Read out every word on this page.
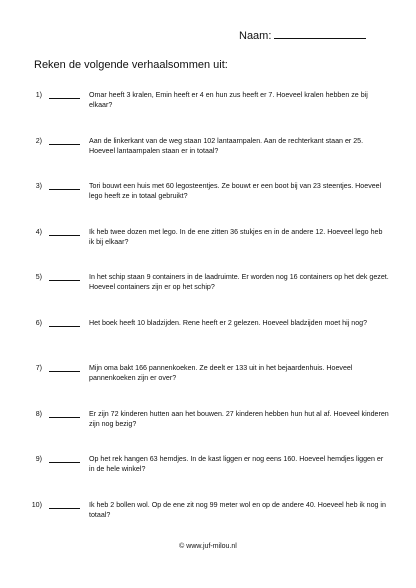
Naam:
Reken de volgende verhaalsommen uit:
1)	Omar heeft 3 kralen, Emin heeft er 4 en hun zus heeft er 7. Hoeveel kralen hebben ze bij elkaar?
2)	Aan de linkerkant van de weg staan 102 lantaarnpalen. Aan de rechterkant staan er 25. Hoeveel lantaarnpalen staan er in totaal?
3)	Tori bouwt een huis met 60 legosteentjes. Ze bouwt er een boot bij van 23 steentjes. Hoeveel lego heeft ze in totaal gebruikt?
4)	Ik heb twee dozen met lego. In de ene zitten 36 stukjes en in de andere 12. Hoeveel lego heb ik bij elkaar?
5)	In het schip staan 9 containers in de laadruimte. Er worden nog 16 containers op het dek gezet. Hoeveel containers zijn er op het schip?
6)	Het boek heeft 10 bladzijden. Rene heeft er 2 gelezen. Hoeveel bladzijden moet hij nog?
7)	Mijn oma bakt 166 pannenkoeken. Ze deelt er 133 uit in het bejaardenhuis. Hoeveel pannenkoeken zijn er over?
8)	Er zijn 72 kinderen hutten aan het bouwen. 27 kinderen hebben hun hut al af. Hoeveel kinderen zijn nog bezig?
9)	Op het rek hangen 63 hemdjes. In de kast liggen er nog eens 160. Hoeveel hemdjes liggen er in de hele winkel?
10)	Ik heb 2 bollen wol. Op de ene zit nog 99 meter wol en op de andere 40. Hoeveel heb ik nog in totaal?
© www.juf-milou.nl
